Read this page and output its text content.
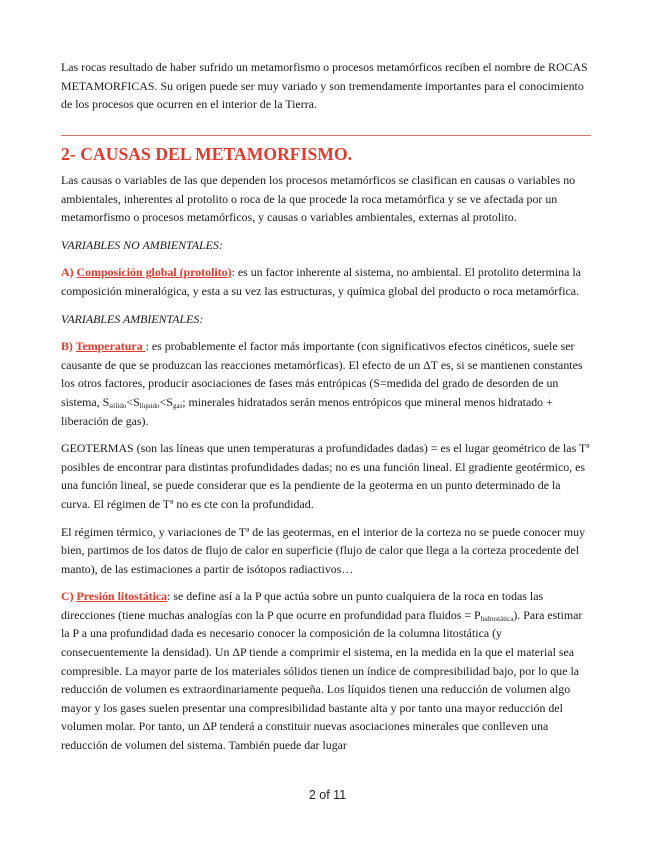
Las rocas resultado de haber sufrido un metamorfismo o procesos metamórficos reciben el nombre de ROCAS METAMORFICAS. Su origen puede ser muy variado y son tremendamente importantes para el conocimiento de los procesos que ocurren en el interior de la Tierra.

2- CAUSAS DEL METAMORFISMO.

Las causas o variables de las que dependen los procesos metamórficos se clasifican en causas o variables no ambientales, inherentes al protolito o roca de la que procede la roca metamórfica y se ve afectada por un metamorfismo o procesos metamórficos, y causas o variables ambientales, externas al protolito.

VARIABLES NO AMBIENTALES:

A) Composición global (protolito): es un factor inherente al sistema, no ambiental. El protolito determina la composición mineralógica, y esta a su vez las estructuras, y química global del producto o roca metamórfica.

VARIABLES AMBIENTALES:

B) Temperatura : es probablemente el factor más importante (con significativos efectos cinéticos, suele ser causante de que se produzcan las reacciones metamórficas). El efecto de un ΔT es, si se mantienen constantes los otros factores, producir asociaciones de fases más entrópicas (S=medida del grado de desorden de un sistema, $S_{sólido}<S_{líquido}<S_{gas}$; minerales hidratados serán menos entrópicos que mineral menos hidratado + liberación de gas).

GEOTERMAS (son las líneas que unen temperaturas a profundidades dadas) = es el lugar geométrico de las Tª posibles de encontrar para distintas profundidades dadas; no es una función lineal. El gradiente geotérmico, es una función lineal, se puede considerar que es la pendiente de la geoterma en un punto determinado de la curva. El régimen de Tª no es cte con la profundidad.

El régimen térmico, y variaciones de Tª de las geotermas, en el interior de la corteza no se puede conocer muy bien, partimos de los datos de flujo de calor en superficie (flujo de calor que llega a la corteza procedente del manto), de las estimaciones a partir de isótopos radiactivos…

C) Presión litostática: se define así a la P que actúa sobre un punto cualquiera de la roca en todas las direcciones (tiene muchas analogías con la P que ocurre en profundidad para fluidos = $P_{hidrostática}$). Para estimar la P a una profundidad dada es necesario conocer la composición de la columna litostática (y consecuentemente la densidad). Un ΔP tiende a comprimir el sistema, en la medida en la que el material sea compresible. La mayor parte de los materiales sólidos tienen un índice de compresibilidad bajo, por lo que la reducción de volumen es extraordinariamente pequeña. Los líquidos tienen una reducción de volumen algo mayor y los gases suelen presentar una compresibilidad bastante alta y por tanto una mayor reducción del volumen molar. Por tanto, un ΔP tenderá a constituir nuevas asociaciones minerales que conlleven una reducción de volumen del sistema. También puede dar lugar

2 of 11
